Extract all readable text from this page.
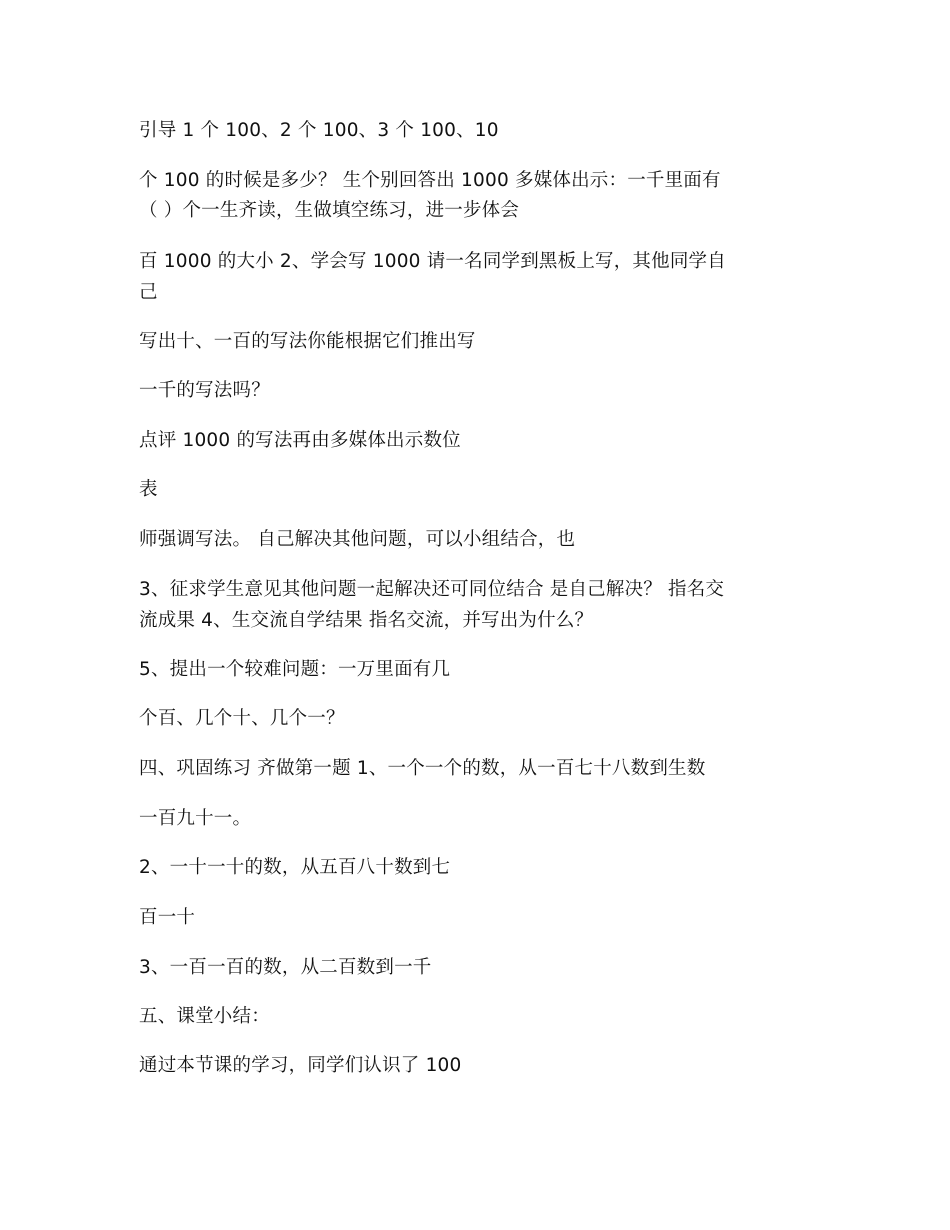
引导 1 个 100、2 个 100、3 个 100、10
个 100 的时候是多少？ 生个别回答出 1000 多媒体出示：一千里面有
（ ）个一生齐读，生做填空练习，进一步体会
百 1000 的大小 2、学会写 1000 请一名同学到黑板上写，其他同学自
己
写出十、一百的写法你能根据它们推出写
一千的写法吗？
点评 1000 的写法再由多媒体出示数位
表
师强调写法。 自己解决其他问题，可以小组结合，也
3、征求学生意见其他问题一起解决还可同位结合 是自己解决？ 指名交
流成果 4、生交流自学结果 指名交流，并写出为什么？
5、提出一个较难问题：一万里面有几
个百、几个十、几个一？
四、巩固练习 齐做第一题 1、一个一个的数，从一百七十八数到生数
一百九十一。
2、一十一十的数，从五百八十数到七
百一十
3、一百一百的数，从二百数到一千
五、课堂小结：
通过本节课的学习，同学们认识了 100
